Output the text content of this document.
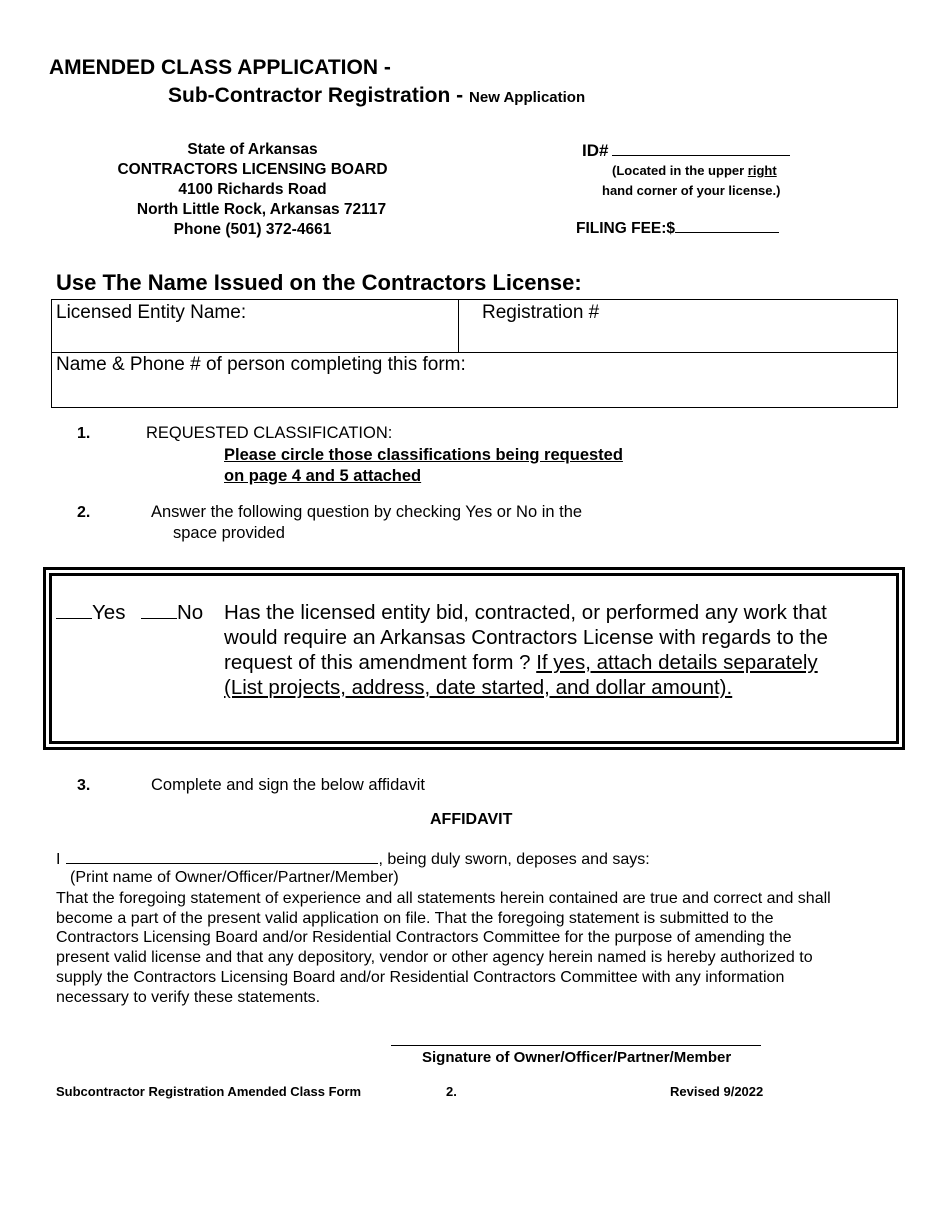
AMENDED CLASS APPLICATION -
Sub-Contractor Registration - New Application
State of Arkansas
CONTRACTORS LICENSING BOARD
4100 Richards Road
North Little Rock, Arkansas 72117
Phone (501) 372-4661
ID#
(Located in the upper right
hand corner of your license.)
FILING FEE:$
Use The Name Issued on the Contractors License:
Licensed Entity Name:	Registration #
Name & Phone # of person completing this form:
1.	REQUESTED CLASSIFICATION:
Please circle those classifications being requested
on page 4 and 5 attached
2.	Answer the following question by checking Yes or No in the
space provided
Yes	No Has the licensed entity bid, contracted, or performed any work that
would require an Arkansas Contractors License with regards to the
request of this amendment form ? If yes, attach details separately
(List projects, address, date started, and dollar amount).
3.	Complete and sign the below affidavit
AFFIDAVIT
I	, being duly sworn, deposes and says:
(Print name of Owner/Officer/Partner/Member)
That the foregoing statement of experience and all statements herein contained are true and correct and shall
become a part of the present valid application on file. That the foregoing statement is submitted to the
Contractors Licensing Board and/or Residential Contractors Committee for the purpose of amending the
present valid license and that any depository, vendor or other agency herein named is hereby authorized to
supply the Contractors Licensing Board and/or Residential Contractors Committee with any information
necessary to verify these statements.
Signature of Owner/Officer/Partner/Member
Subcontractor Registration Amended Class Form	2.	Revised 9/2022
